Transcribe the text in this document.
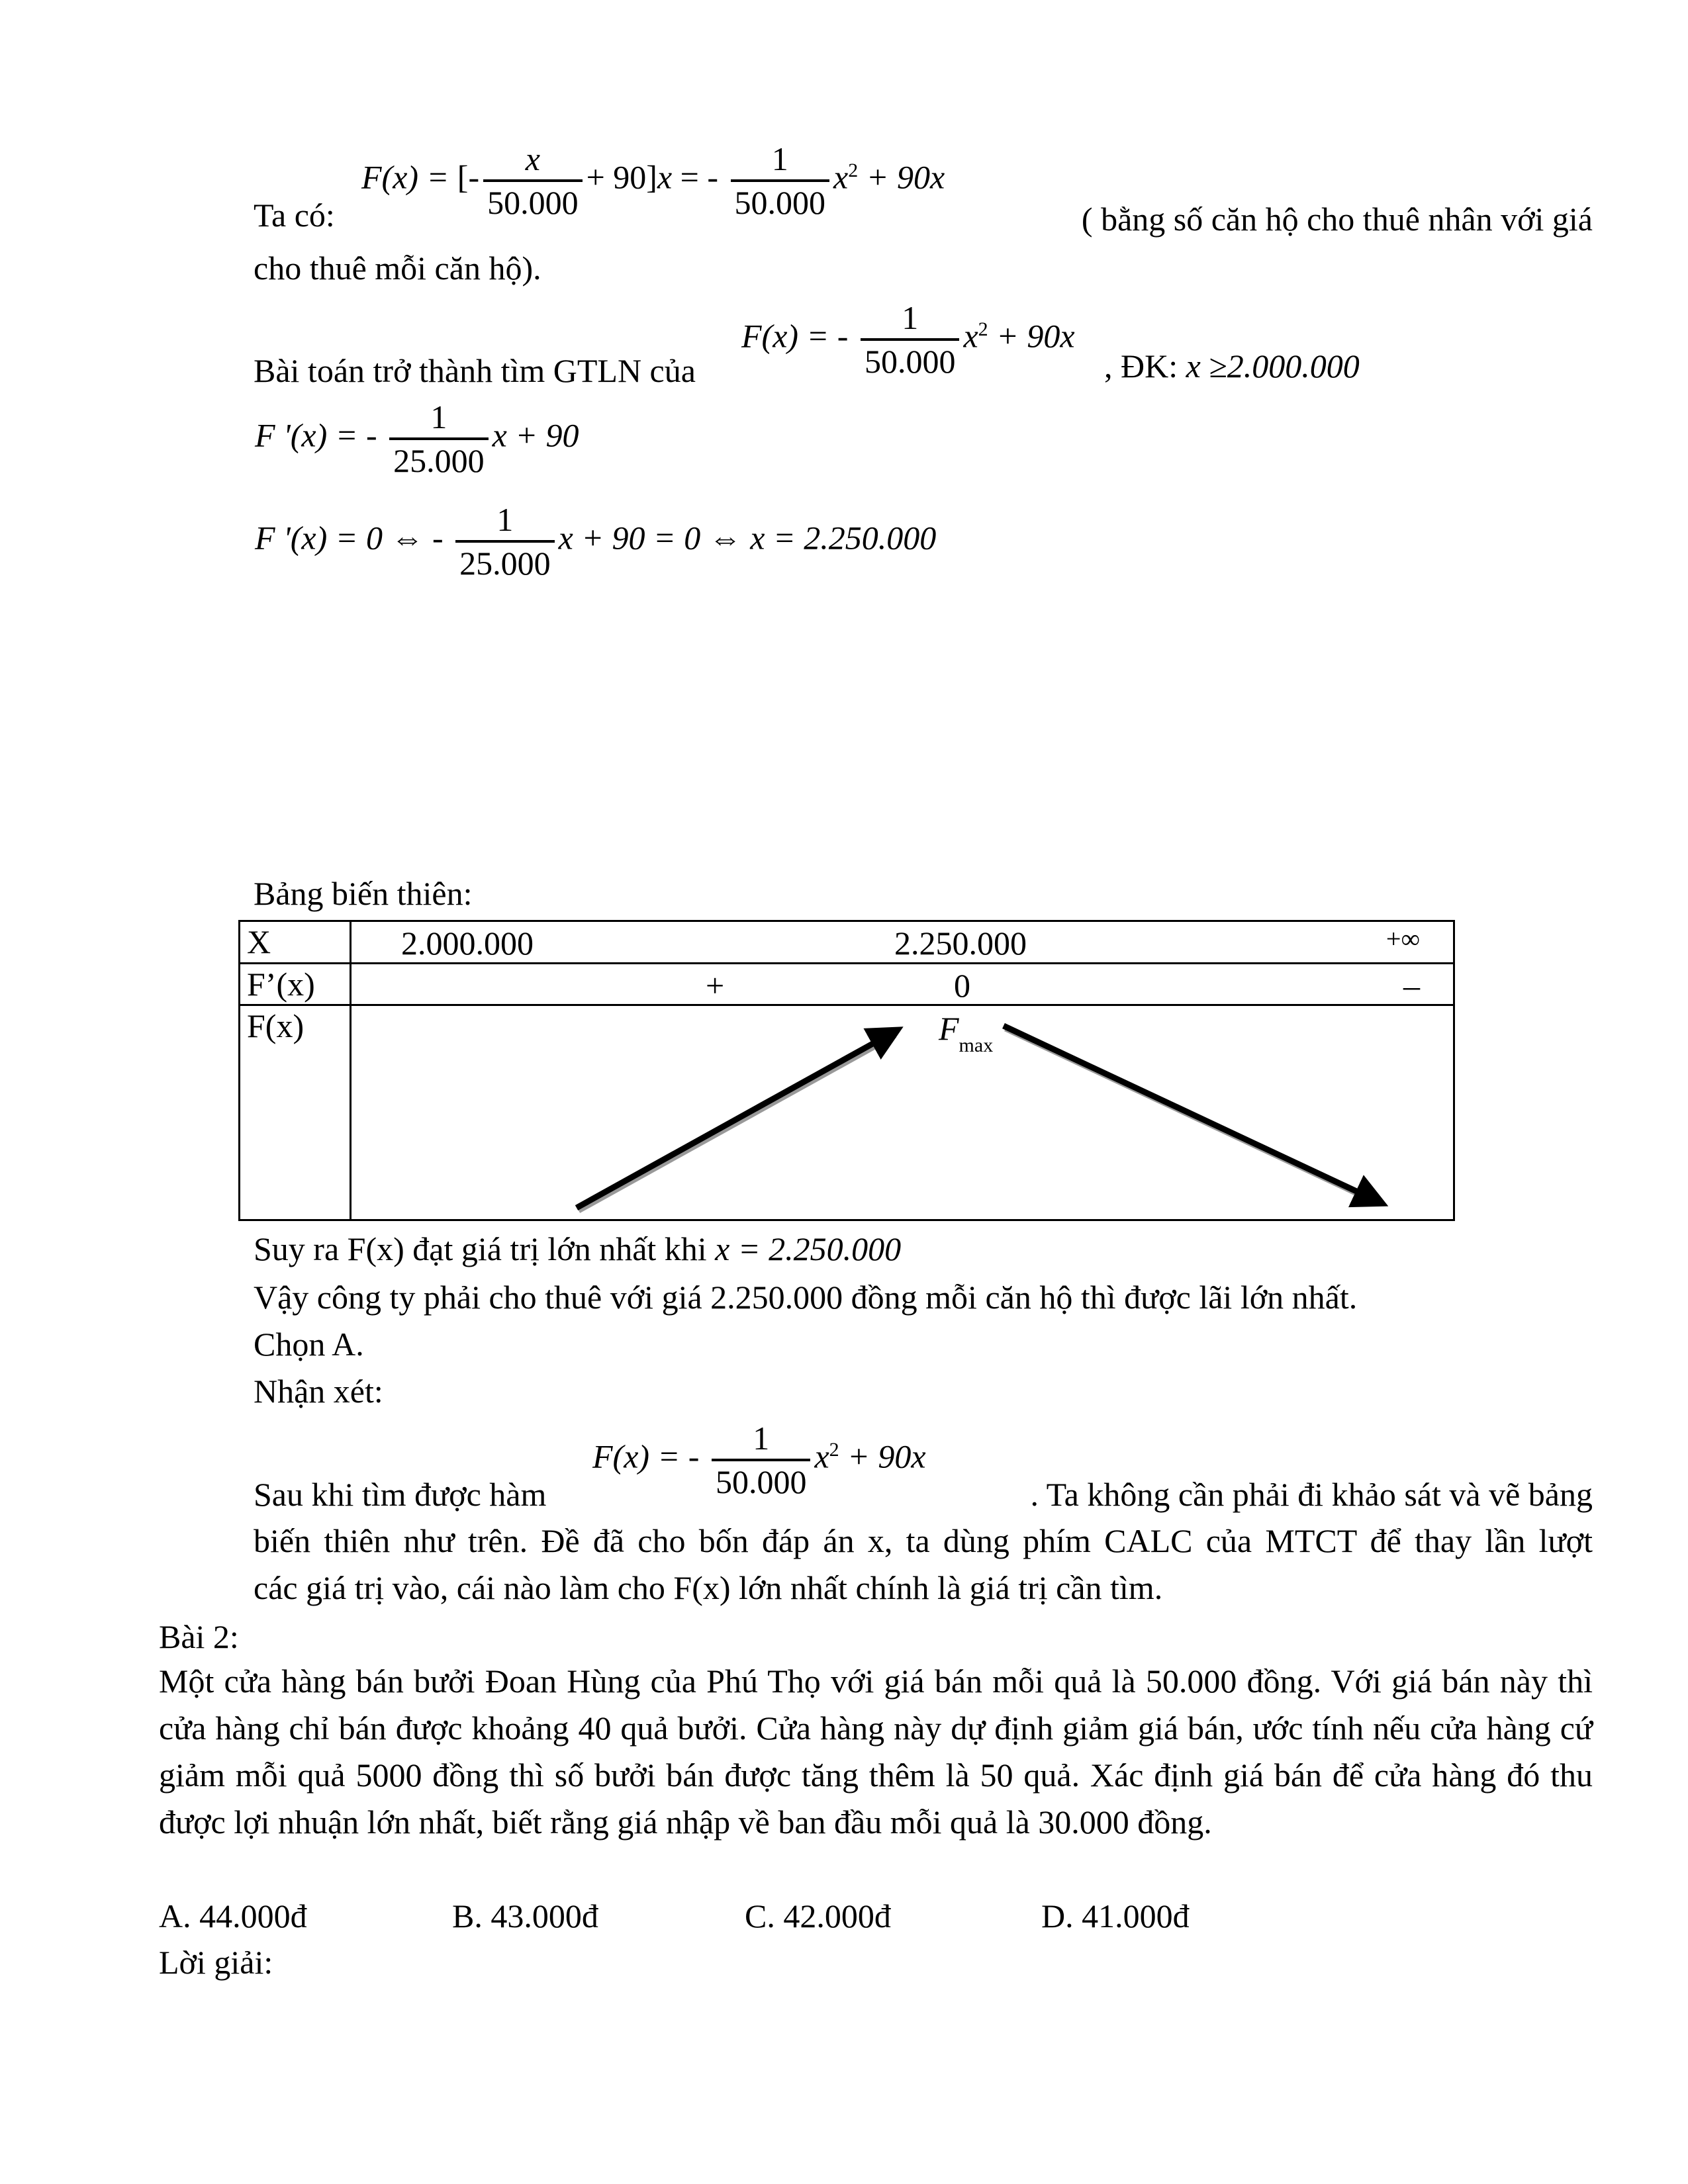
Ta có:
F(x) = [- $\frac{x}{50.000} + 90]x$ = - $\frac{1}{50.000} x^2 + 90x$
( bằng số căn hộ cho thuê nhân với giá
cho thuê mỗi căn hộ).
Bài toán trở thành tìm GTLN của
F(x) = - $\frac{1}{50.000} x^2 + 90x$
, ĐK: x ≥2.000.000
F '(x) = - $\frac{1}{25.000}$ x + 90
F '(x) = 0 ⇔ - $\frac{1}{25.000}$ x + 90 = 0 ⇔ x = 2.250.000
Bảng biến thiên:
X	2.000.000 2.250.000 +∞

F’(x)	+ 0 –

F(x)	$F_{max}$
Suy ra F(x) đạt giá trị lớn nhất khi x = 2.250.000
Vậy công ty phải cho thuê với giá 2.250.000 đồng mỗi căn hộ thì được lãi lớn nhất.
Chọn A.
Nhận xét:
F(x) = - $\frac{1}{50.000} x^2 + 90x$
Sau khi tìm được hàm	. Ta không cần phải đi khảo sát và vẽ bảng
biến thiên như trên. Đề đã cho bốn đáp án x, ta dùng phím CALC của MTCT để thay lần lượt
các giá trị vào, cái nào làm cho F(x) lớn nhất chính là giá trị cần tìm.
Bài 2:
Một cửa hàng bán bưởi Đoan Hùng của Phú Thọ với giá bán mỗi quả là 50.000 đồng. Với giá bán này thì cửa hàng chỉ bán được khoảng 40 quả bưởi. Cửa hàng này dự định giảm giá bán, ước tính nếu cửa hàng cứ giảm mỗi quả 5000 đồng thì số bưởi bán được tăng thêm là 50 quả. Xác định giá bán để cửa hàng đó thu được lợi nhuận lớn nhất, biết rằng giá nhập về ban đầu mỗi quả là 30.000 đồng.
A. 44.000đ	B. 43.000đ	C. 42.000đ	D. 41.000đ
Lời giải:
